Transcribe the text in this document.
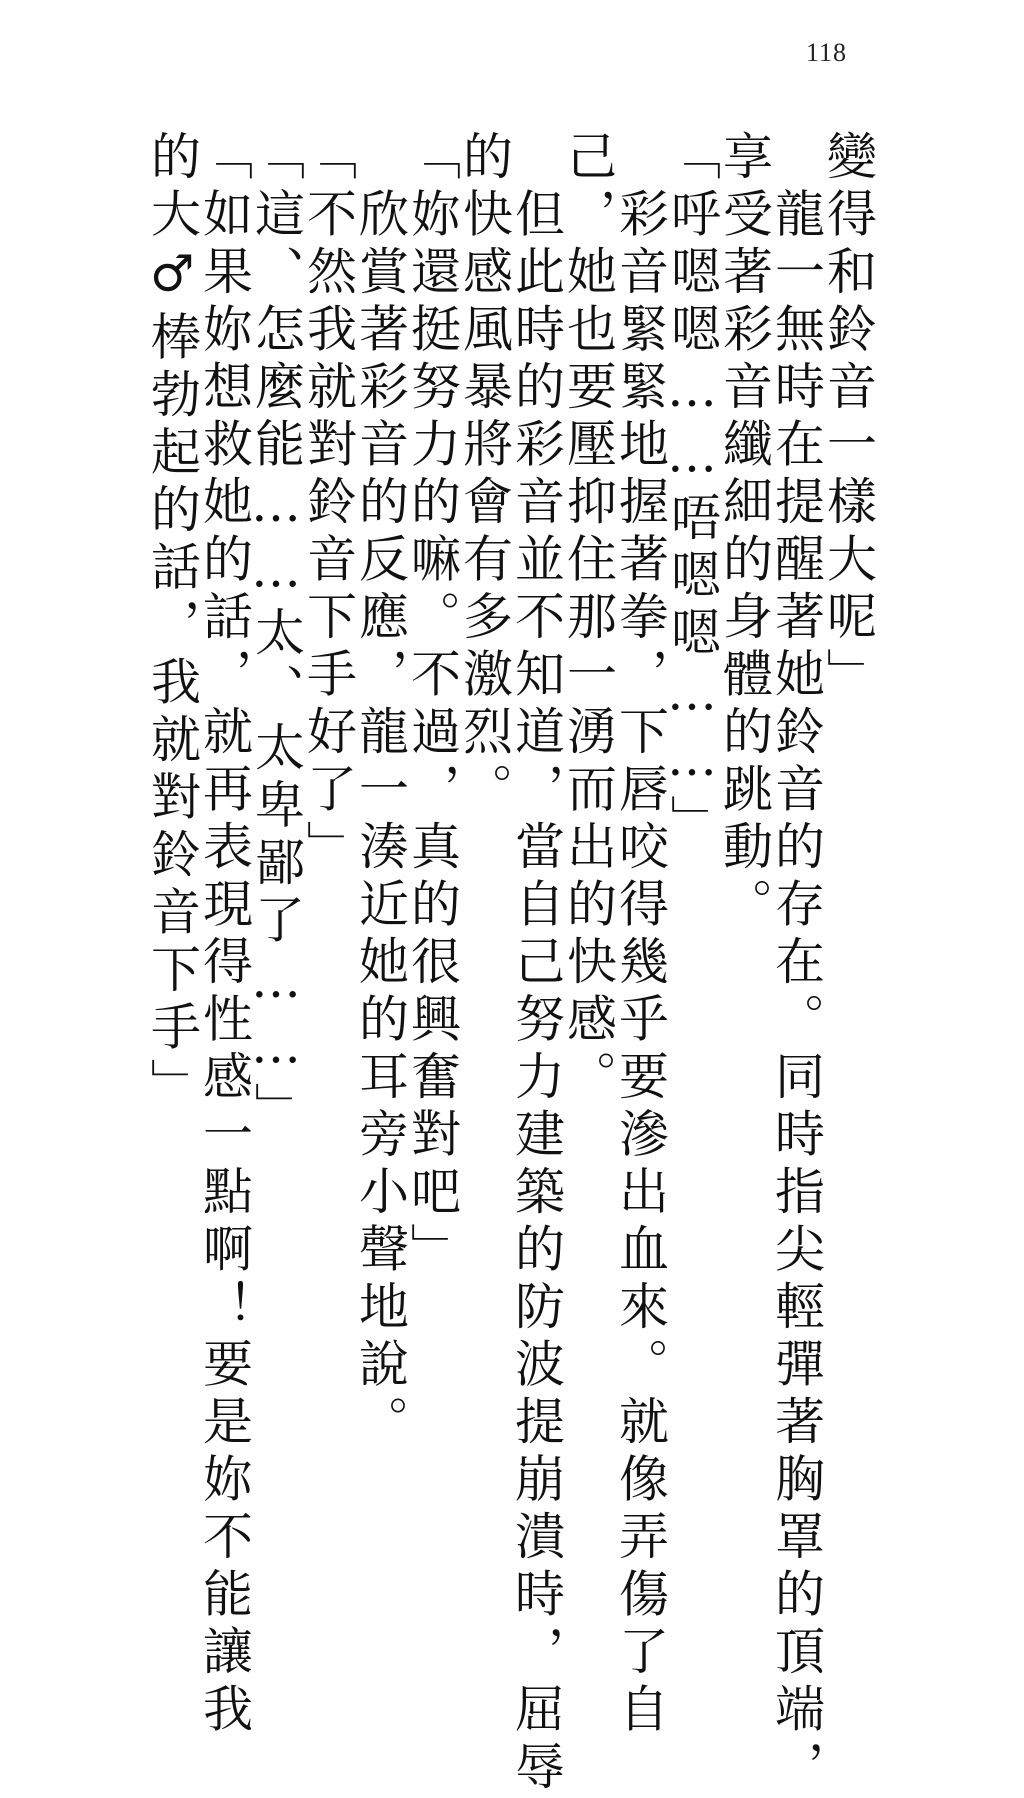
118
變得和鈴音一樣大呢」
　龍一無時在提醒著她鈴音的存在。同時指尖輕彈著胸罩的頂端，
享受著彩音纖細的身體的跳動。
「呼嗯嗯……唔嗯嗯……」
　彩音緊緊地握著拳，下唇咬得幾乎要滲出血來。就像弄傷了自
己，她也要壓抑住那一湧而出的快感。
　但此時的彩音並不知道，當自己努力建築的防波提崩潰時，屈辱
的快感風暴將會有多激烈。
「妳還挺努力的嘛。不過，真的很興奮對吧」
　欣賞著彩音的反應，龍一湊近她的耳旁小聲地說。
「不然我就對鈴音下手好了」
「這、怎麼能……太、太卑鄙了……」
「如果妳想救她的話，就再表現得性感一點啊！要是妳不能讓我
的大♂棒勃起的話，我就對鈴音下手」
